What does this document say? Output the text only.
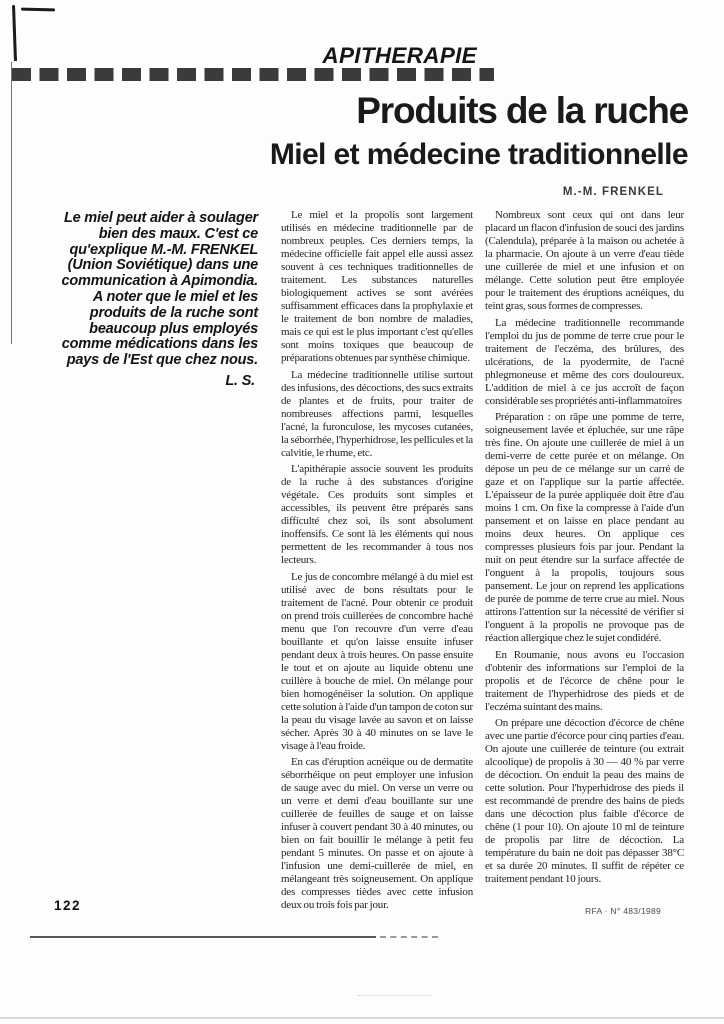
APITHERAPIE
Produits de la ruche
Miel et médecine traditionnelle
M.-M. FRENKEL

Le miel peut aider à soulager bien des maux. C'est ce qu'explique M.-M. FRENKEL (Union Soviétique) dans une communication à Apimondia.

A noter que le miel et les produits de la ruche sont beaucoup plus employés comme médications dans les pays de l'Est que chez nous.

L. S.

Le miel et la propolis sont largement utilisés en médecine traditionnelle par de nombreux peuples. Ces derniers temps, la médecine officielle fait appel elle aussi assez souvent à ces techniques traditionnelles de traitement. Les substances naturelles biologiquement actives se sont avérées suffisamment efficaces dans la prophylaxie et le traitement de bon nombre de maladies, mais ce qui est le plus important c'est qu'elles sont moins toxiques que beaucoup de préparations obtenues par synthèse chimique.

La médecine traditionnelle utilise surtout des infusions, des décoctions, des sucs extraits de plantes et de fruits, pour traiter de nombreuses affections parmi, lesquelles l'acné, la furonculose, les mycoses cutanées, la séborrhée, l'hyperhidrose, les pellicules et la calvitie, le rhume, etc.

L'apithérapie associe souvent les produits de la ruche à des substances d'origine végétale. Ces produits sont simples et accessibles, ils peuvent être préparés sans difficulté chez soi, ils sont absolument inoffensifs. Ce sont là les éléments qui nous permettent de les recommander à tous nos lecteurs.

Le jus de concombre mélangé à du miel est utilisé avec de bons résultats pour le traitement de l'acné. Pour obtenir ce produit on prend trois cuillerées de concombre haché menu que l'on recouvre d'un verre d'eau bouillante et qu'on laisse ensuite infuser pendant deux à trois heures. On passe ensuite le tout et on ajoute au liquide obtenu une cuillère à bouche de miel. On mélange pour bien homogénéiser la solution. On applique cette solution à l'aide d'un tampon de coton sur la peau du visage lavée au savon et on laisse sécher. Après 30 à 40 minutes on se lave le visage à l'eau froide.

En cas d'éruption acnéique ou de dermatite séborrhéique on peut employer une infusion de sauge avec du miel. On verse un verre ou un verre et demi d'eau bouillante sur une cuillerée de feuilles de sauge et on laisse infuser à couvert pendant 30 à 40 minutes, ou bien on fait bouillir le mélange à petit feu pendant 5 minutes. On passe et on ajoute à l'infusion une demi-cuillerée de miel, en mélangeant très soigneusement. On applique des compresses tièdes avec cette infusion deux ou trois fois par jour.

Nombreux sont ceux qui ont dans leur placard un flacon d'infusion de souci des jardins (Calendula), préparée à la maison ou achetée à la pharmacie. On ajoute à un verre d'eau tiède une cuillerée de miel et une infusion et on mélange. Cette solution peut être employée pour le traitement des éruptions acnéiques, du teint gras, sous formes de compresses.

La médecine traditionnelle recommande l'emploi du jus de pomme de terre crue pour le traitement de l'eczéma, des brûlures, des ulcérations, de la pyodermite, de l'acné phlegmoneuse et même des cors douloureux. L'addition de miel à ce jus accroît de façon considérable ses propriétés anti-inflammatoires

Préparation : on râpe une pomme de terre, soigneusement lavée et épluchée, sur une râpe très fine. On ajoute une cuillerée de miel à un demi-verre de cette purée et on mélange. On dépose un peu de ce mélange sur un carré de gaze et on l'applique sur la partie affectée. L'épaisseur de la purée appliquée doit être d'au moins 1 cm. On fixe la compresse à l'aide d'un pansement et on laisse en place pendant au moins deux heures. On applique ces compresses plusieurs fois par jour. Pendant la nuit on peut étendre sur la surface affectée de l'onguent à la propolis, toujours sous pansement. Le jour on reprend les applications de purée de pomme de terre crue au miel. Nous attirons l'attention sur la nécessité de vérifier si l'onguent à la propolis ne provoque pas de réaction allergique chez le sujet condidéré.

En Roumanie, nous avons eu l'occasion d'obtenir des informations sur l'emploi de la propolis et de l'écorce de chêne pour le traitement de l'hyperhidrose des pieds et de l'eczéma suintant des mains.

On prépare une décoction d'écorce de chêne avec une partie d'écorce pour cinq parties d'eau. On ajoute une cuillerée de teinture (ou extrait alcoolique) de propolis à 30 — 40 % par verre de décoction. On enduit la peau des mains de cette solution. Pour l'hyperhidrose des pieds il est recommandé de prendre des bains de pieds dans une décoction plus faible d'écorce de chêne (1 pour 10). On ajoute 10 ml de teinture de propolis par litre de décoction. La température du bain ne doit pas dépasser 38°C et sa durée 20 minutes. Il suffit de répéter ce traitement pendant 10 jours.

122	RFA · N° 483/1989
